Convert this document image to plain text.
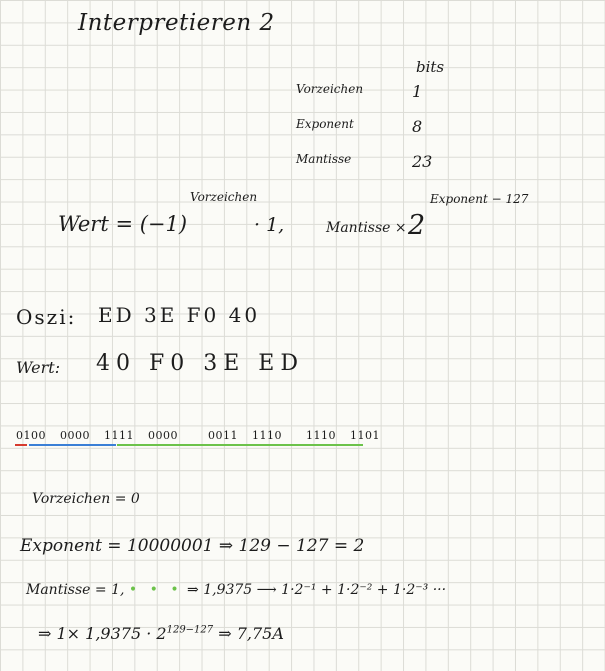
Interpretieren 2
bits
Vorzeichen	1
Exponent	8
Mantisse	23
Wert = (−1)
Vorzeichen
· 1,	Mantisse × 2
Exponent − 127
Oszi: ED 3E F0 40
Wert: 40 F0 3E ED
0100 0000 1111 0000	0011 1110 1110 1101
Vorzeichen = 0
Exponent = 10000001 ⇒ 129 − 127 = 2
Mantisse = 1, • • • ⇒ 1,9375 ⟶ 1·2⁻¹ + 1·2⁻² + 1·2⁻³ ···
⇒ $1\times 1,9375 \cdot 2^{129-127}$ ⇒ 7,75A
